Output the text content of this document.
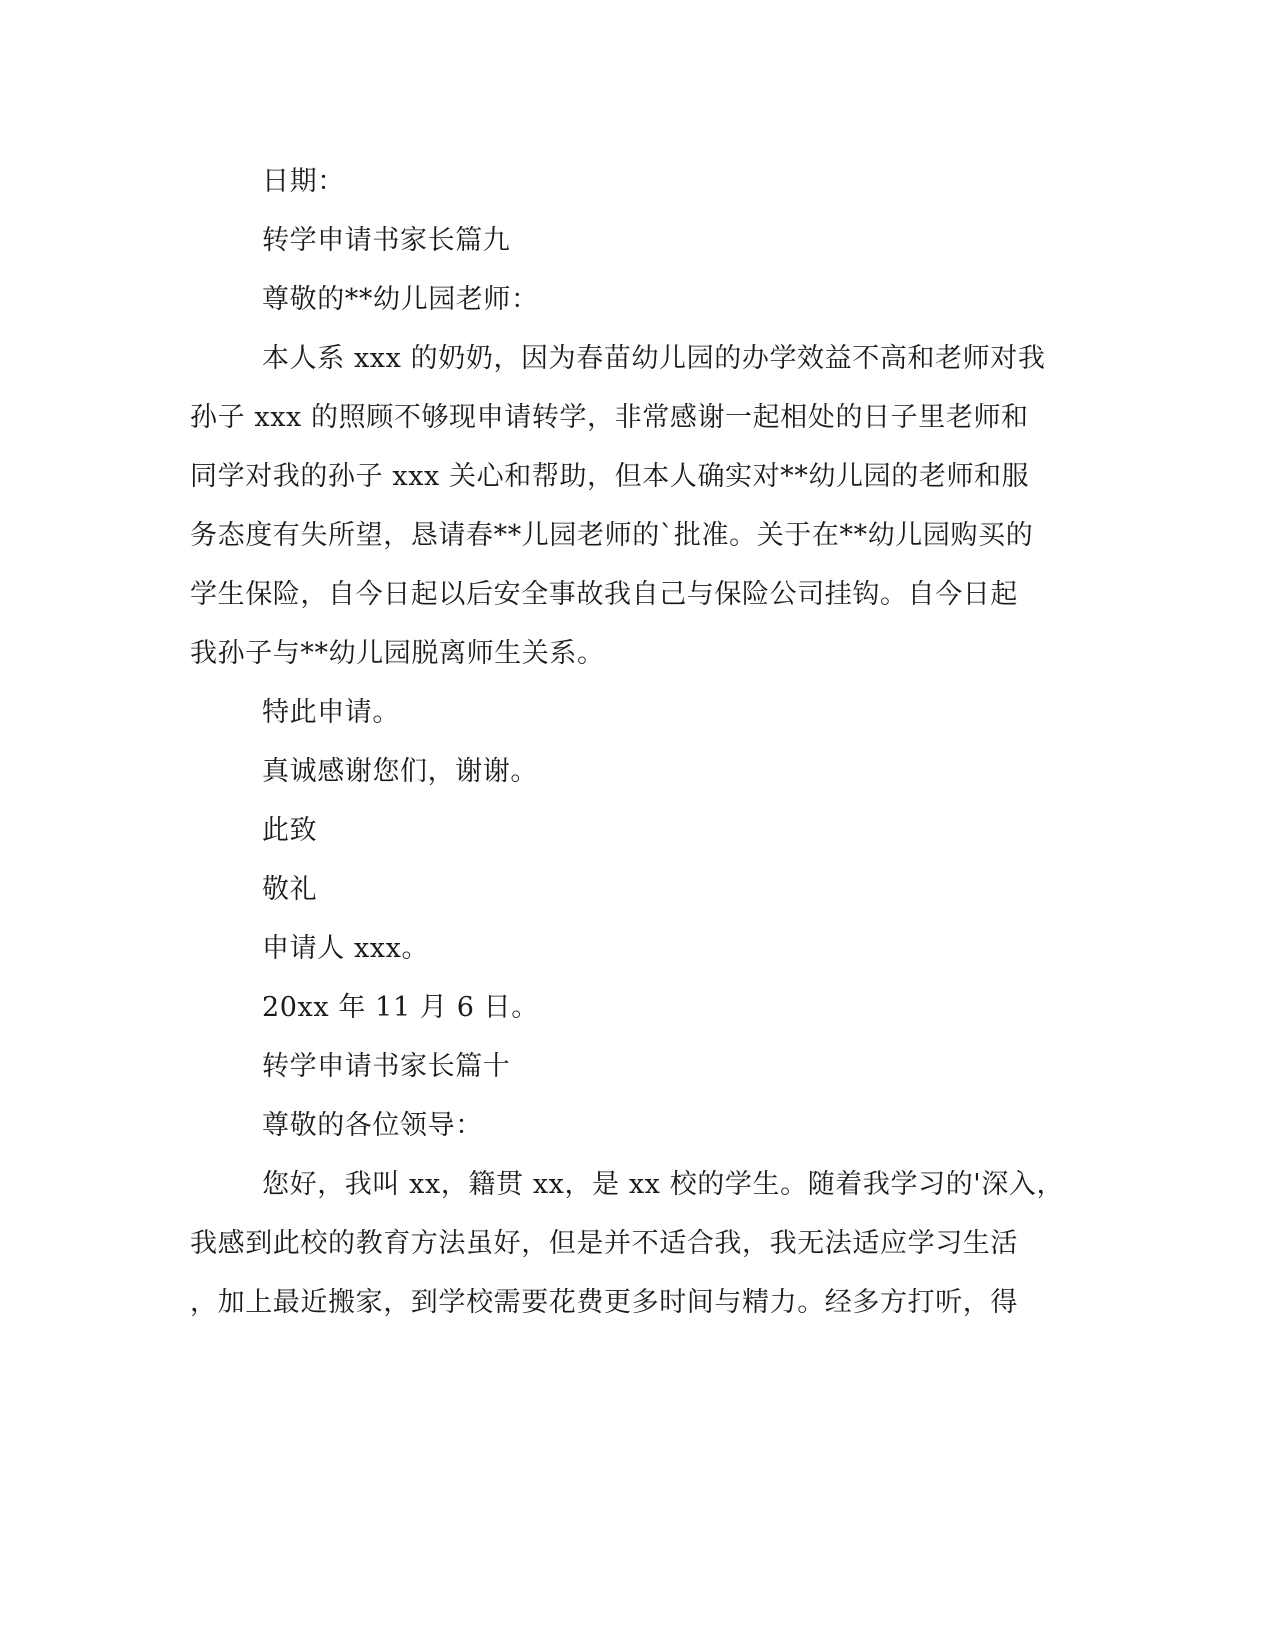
日期：
转学申请书家长篇九
尊敬的**幼儿园老师：
本人系 xxx 的奶奶，因为春苗幼儿园的办学效益不高和老师对我
孙子 xxx 的照顾不够现申请转学，非常感谢一起相处的日子里老师和
同学对我的孙子 xxx 关心和帮助，但本人确实对**幼儿园的老师和服
务态度有失所望，恳请春**儿园老师的`批准。关于在**幼儿园购买的
学生保险，自今日起以后安全事故我自己与保险公司挂钩。自今日起
我孙子与**幼儿园脱离师生关系。
特此申请。
真诚感谢您们，谢谢。
此致
敬礼
申请人 xxx。
20xx 年 11 月 6 日。
转学申请书家长篇十
尊敬的各位领导：
您好，我叫 xx，籍贯 xx，是 xx 校的学生。随着我学习的'深入，
我感到此校的教育方法虽好，但是并不适合我，我无法适应学习生活
，加上最近搬家，到学校需要花费更多时间与精力。经多方打听，得
